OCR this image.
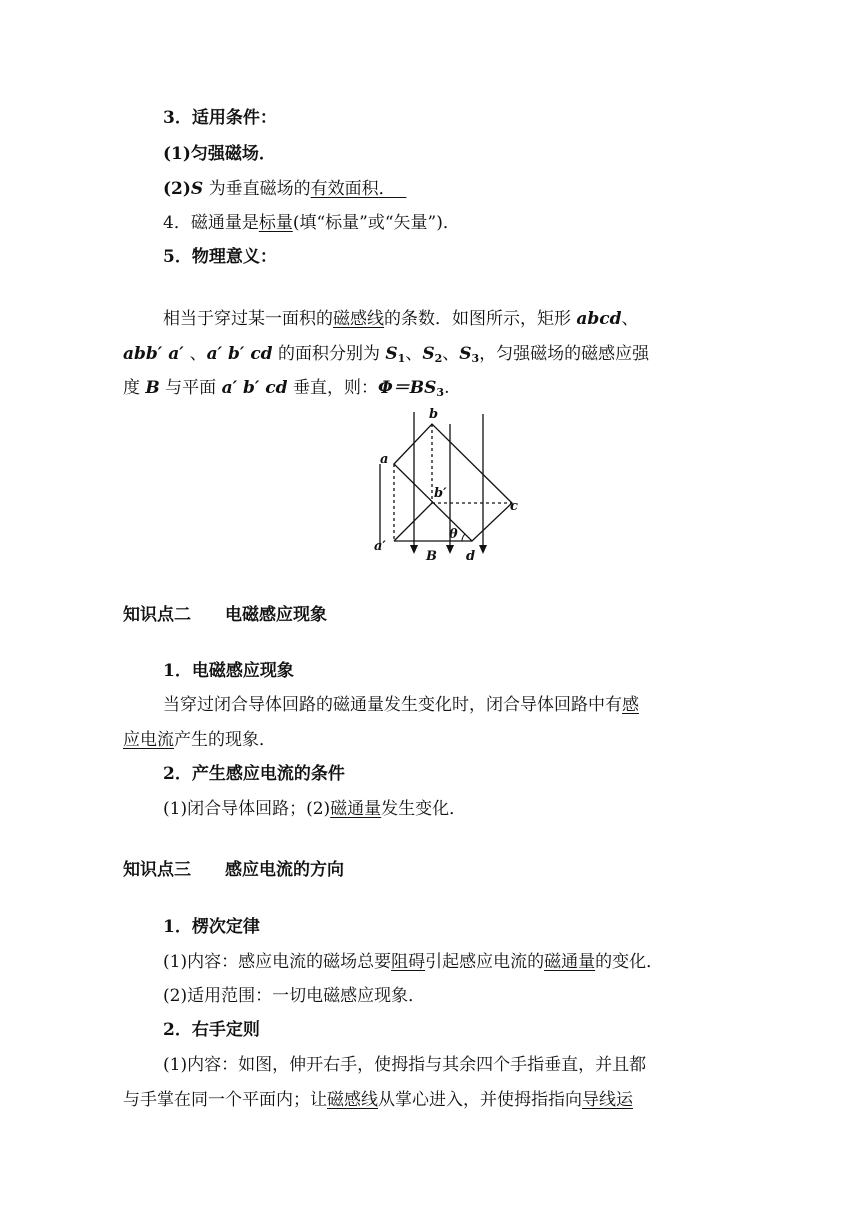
3．适用条件：
(1)匀强磁场．
(2)S 为垂直磁场的有效面积．
4．磁通量是标量(填“标量”或“矢量”)．
5．物理意义：
相当于穿过某一面积的磁感线的条数．如图所示，矩形 abcd、
abb′ a′ 、a′ b′ cd 的面积分别为 $S_1$、$S_2$、$S_3$，匀强磁场的磁感应强
度 B 与平面 a′ b′ cd 垂直，则：$\Phi=BS_3$.
b
a
b′
c
θ
a′
B d
知识点二　　电磁感应现象
1．电磁感应现象
当穿过闭合导体回路的磁通量发生变化时，闭合导体回路中有感
应电流产生的现象．
2．产生感应电流的条件
(1)闭合导体回路；(2)磁通量发生变化．
知识点三　　感应电流的方向
1．楞次定律
(1)内容：感应电流的磁场总要阻碍引起感应电流的磁通量的变化．
(2)适用范围：一切电磁感应现象．
2．右手定则
(1)内容：如图，伸开右手，使拇指与其余四个手指垂直，并且都
与手掌在同一个平面内；让磁感线从掌心进入，并使拇指指向导线运
